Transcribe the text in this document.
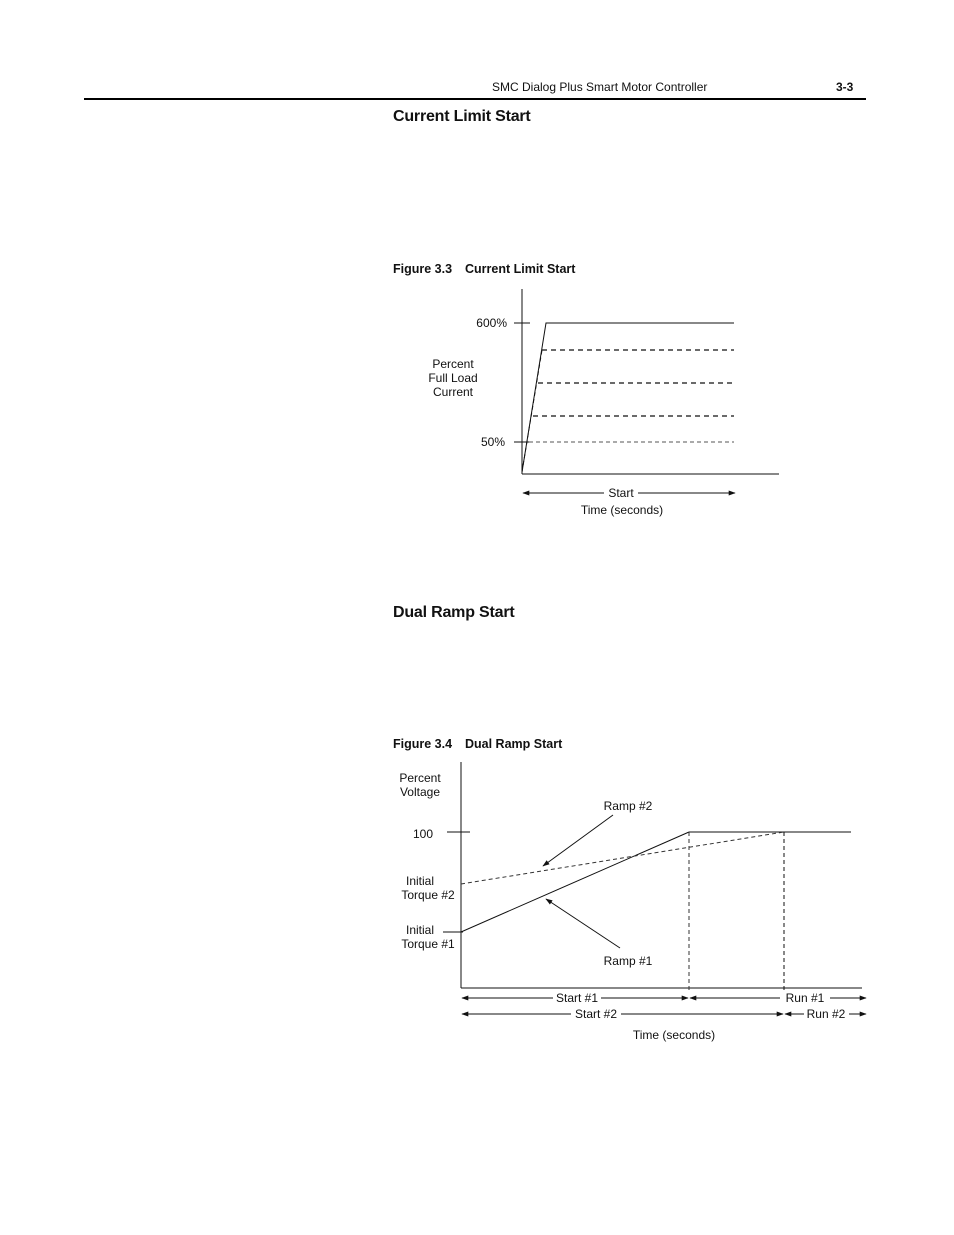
SMC Dialog Plus Smart Motor Controller	3-3
Current Limit Start
Figure 3.3 Current Limit Start
Dual Ramp Start
Figure 3.4 Dual Ramp Start
600%
50%
Percent
Full Load
Current
Start
Time (seconds)
Percent
Voltage
100
Initial
Torque #2
Initial
Torque #1
Ramp #2
Ramp #1
Start #1	Run #1
Start #2	Run #2
Time (seconds)
